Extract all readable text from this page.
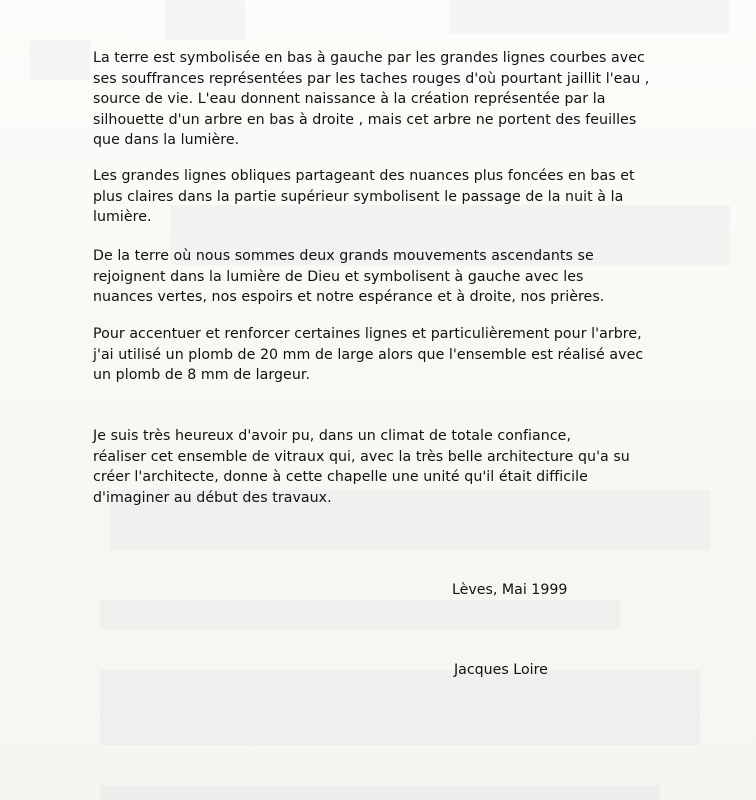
La terre est symbolisée en bas à gauche par les grandes lignes courbes avec
ses souffrances représentées par les taches rouges d'où pourtant jaillit l'eau ,
source de vie. L'eau donnent naissance à la création représentée par la
silhouette d'un arbre en bas à droite , mais cet arbre ne portent des feuilles
que dans la lumière.

Les grandes lignes obliques partageant des nuances plus foncées en bas et
plus claires dans la partie supérieur symbolisent le passage de la nuit à la
lumière.

De la terre où nous sommes deux grands mouvements ascendants se
rejoignent dans la lumière de Dieu et symbolisent à gauche avec les
nuances vertes, nos espoirs et notre espérance et à droite, nos prières.

Pour accentuer et renforcer certaines lignes et particulièrement pour l'arbre,
j'ai utilisé un plomb de 20 mm de large alors que l'ensemble est réalisé avec
un plomb de 8 mm de largeur.

Je suis très heureux d'avoir pu, dans un climat de totale confiance,
réaliser cet ensemble de vitraux qui, avec la très belle architecture qu'a su
créer l'architecte, donne à cette chapelle une unité qu'il était difficile
d'imaginer au début des travaux.

Lèves, Mai 1999
Jacques Loire
